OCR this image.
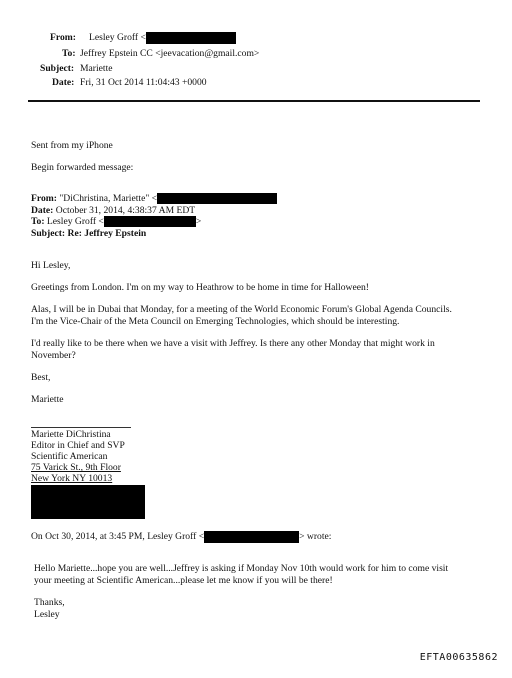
From: Lesley Groff <
To: Jeffrey Epstein CC <jeevacation@gmail.com>
Subject: Mariette
Date: Fri, 31 Oct 2014 11:04:43 +0000
Sent from my iPhone
Begin forwarded message:
From: "DiChristina, Mariette" <
Date: October 31, 2014, 4:38:37 AM EDT
To: Lesley Groff <	>
Subject: Re: Jeffrey Epstein
Hi Lesley,
Greetings from London. I'm on my way to Heathrow to be home in time for Halloween!
Alas, I will be in Dubai that Monday, for a meeting of the World Economic Forum's Global Agenda Councils.
I'm the Vice-Chair of the Meta Council on Emerging Technologies, which should be interesting.
I'd really like to be there when we have a visit with Jeffrey. Is there any other Monday that might work in
November?
Best,
Mariette
Mariette DiChristina
Editor in Chief and SVP
Scientific American
75 Varick St., 9th Floor
New York NY 10013
On Oct 30, 2014, at 3:45 PM, Lesley Groff <	> wrote:
Hello Mariette...hope you are well...Jeffrey is asking if Monday Nov 10th would work for him to come visit
your meeting at Scientific American...please let me know if you will be there!
Thanks,
Lesley
EFTA00635862
